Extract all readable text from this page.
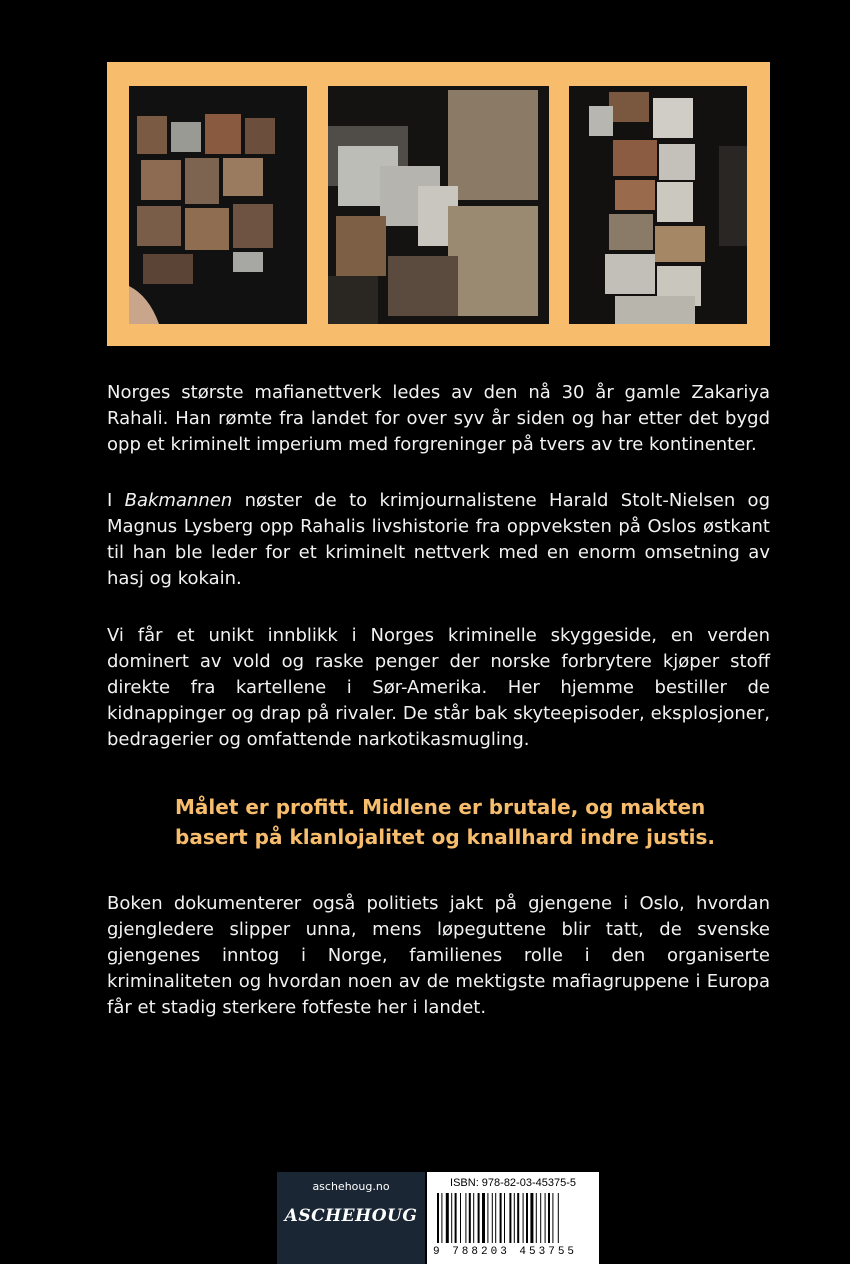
Norges største mafianettverk ledes av den nå 30 år gamle Zakariya Rahali. Han rømte fra landet for over syv år siden og har etter det bygd opp et kriminelt imperium med forgreninger på tvers av tre kontinenter.

I Bakmannen nøster de to krimjournalistene Harald Stolt-Nielsen og Magnus Lysberg opp Rahalis livshistorie fra oppveksten på Oslos østkant til han ble leder for et kriminelt nettverk med en enorm omsetning av hasj og kokain.

Vi får et unikt innblikk i Norges kriminelle skyggeside, en verden dominert av vold og raske penger der norske forbrytere kjøper stoff direkte fra kartellene i Sør-Amerika. Her hjemme bestiller de kidnappinger og drap på rivaler. De står bak skyteepisoder, eksplosjoner, bedragerier og omfattende narkotikasmugling.

Målet er profitt. Midlene er brutale, og makten
basert på klanlojalitet og knallhard indre justis.

Boken dokumenterer også politiets jakt på gjengene i Oslo, hvordan gjengledere slipper unna, mens løpeguttene blir tatt, de svenske gjengenes inntog i Norge, familienes rolle i den organiserte kriminaliteten og hvordan noen av de mektigste mafiagruppene i Europa får et stadig sterkere fotfeste her i landet.

aschehoug.no
ASCHEHOUG
ISBN: 978-82-03-45375-5
9 788203 453755
